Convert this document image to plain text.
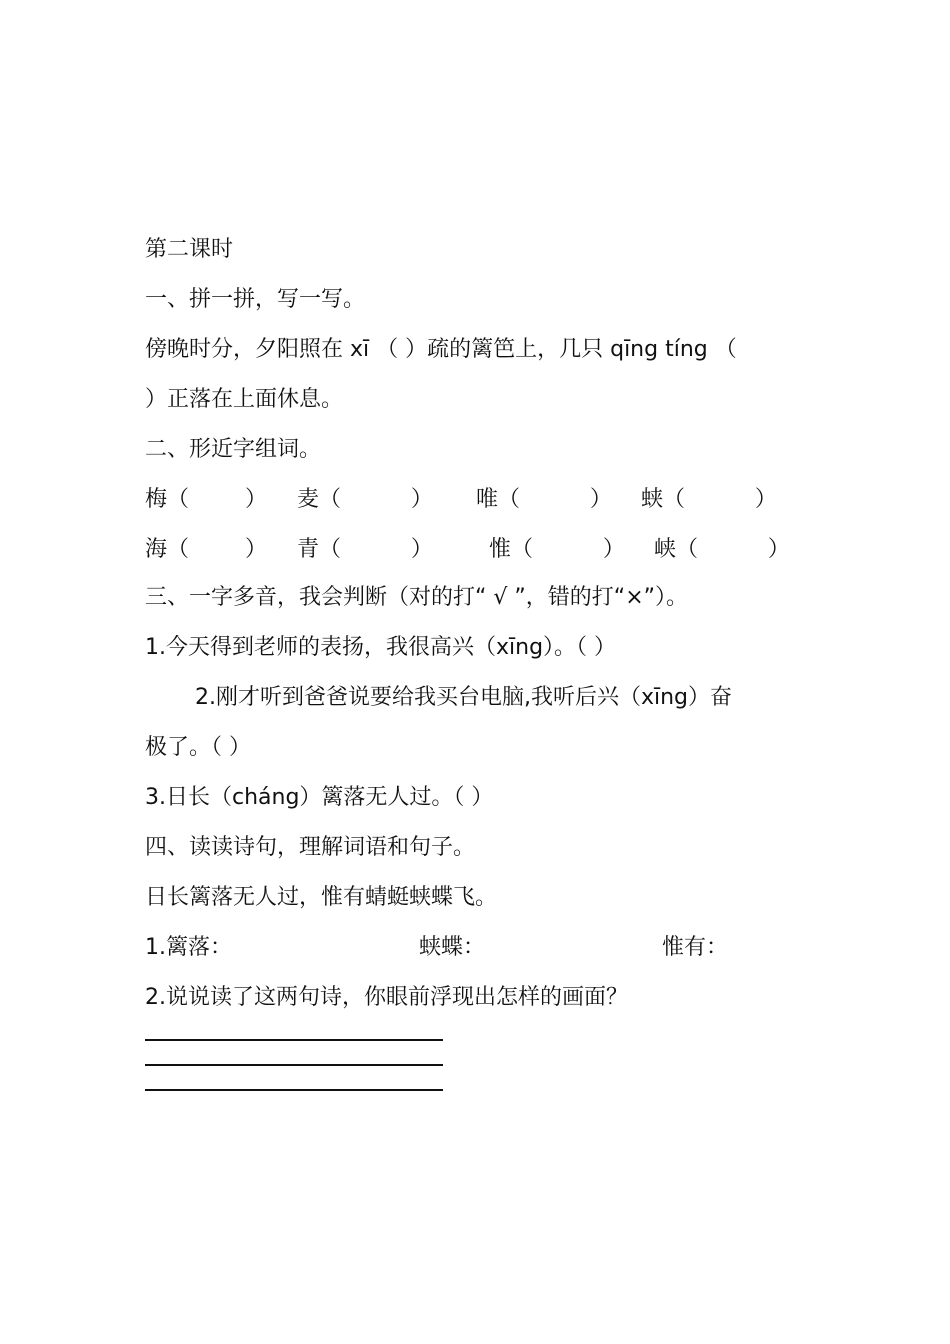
第二课时
一、拼一拼，写一写。
傍晚时分，夕阳照在 xī （ ）疏的篱笆上，几只 qīng tíng （
）正落在上面休息。
二、形近字组词。
梅（        ） 麦（          ） 唯（          ） 蛱（          ）
海（        ） 青（          ）	惟（          ） 峡（          ）
三、一字多音，我会判断（对的打“ √ ”，错的打“×”）。
1.今天得到老师的表扬，我很高兴（xīng）。（ ）
2.刚才听到爸爸说要给我买台电脑,我听后兴（xīng）奋
极了。（ ）
3.日长（cháng）篱落无人过。（ ）
四、读读诗句，理解词语和句子。
日长篱落无人过，惟有蜻蜓蛱蝶飞。
1.篱落：	蛱蝶：	惟有：
2.说说读了这两句诗，你眼前浮现出怎样的画面？
